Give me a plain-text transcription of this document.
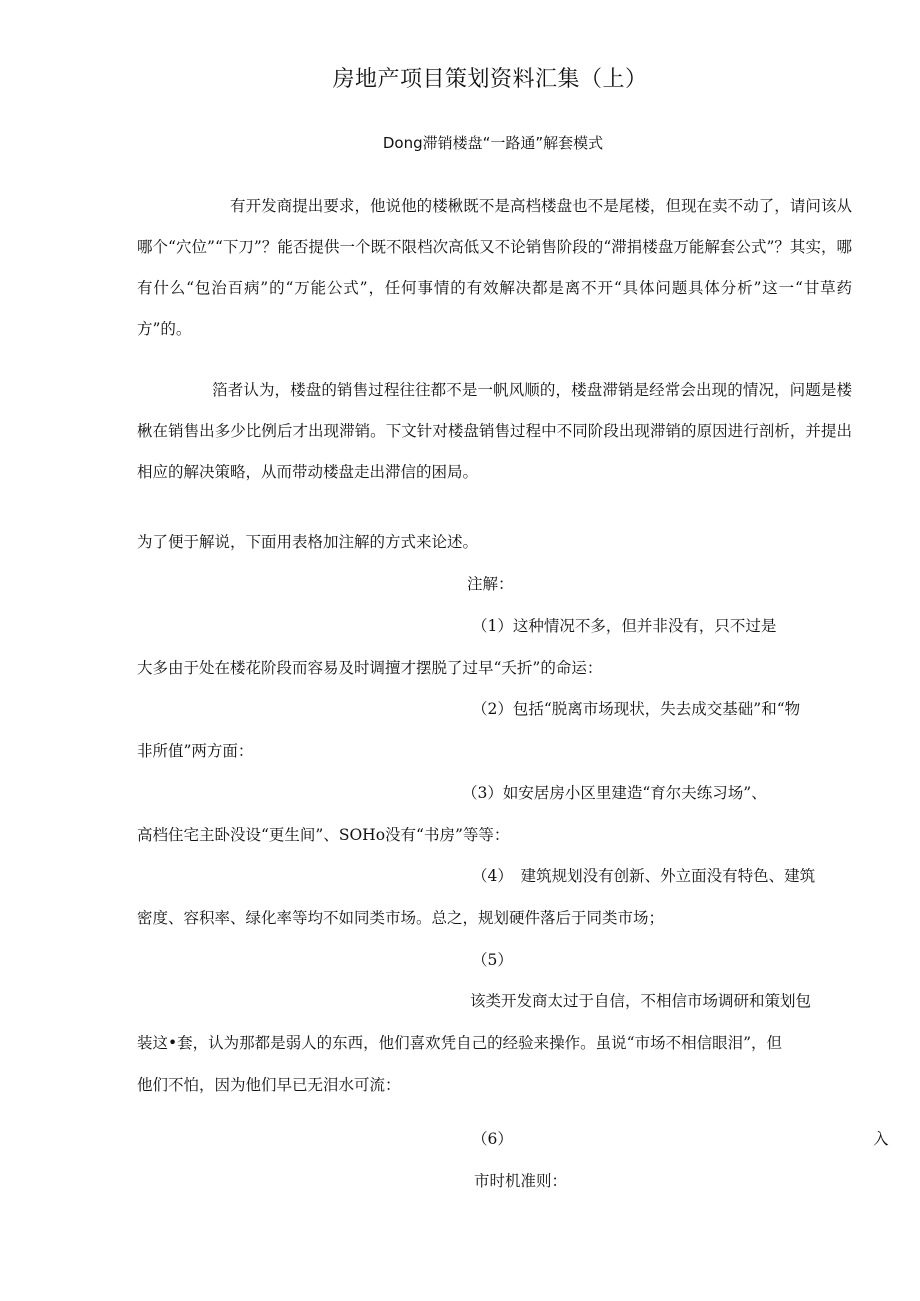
房地产项目策划资料汇集（上）
Dong滞销楼盘“一路通”解套模式
有开发商提出要求，他说他的楼楸既不是高档楼盘也不是尾楼，但现在卖不动了，请问该从哪个“穴位”“下刀”？能否提供一个既不限档次高低又不论销售阶段的“滞捐楼盘万能解套公式”？其实，哪有什么“包治百病”的“万能公式”，任何事情的有效解决都是离不开“具体问题具体分析”这一“甘草药方”的。
箔者认为，楼盘的销售过程往往都不是一帆风顺的，楼盘滞销是经常会出现的情况，问题是楼楸在销售出多少比例后才出现滞销。下文针对楼盘销售过程中不同阶段出现滞销的原因进行剖析，并提出相应的解决策略，从而带动楼盘走出滞信的困局。
为了便于解说，下面用表格加注解的方式来论述。
注解：
（1）这种情况不多，但并非没有，只不过是
大多由于处在楼花阶段而容易及时调擅才摆脱了过早“夭折”的命运：
（2）包括“脱离市场现状，失去成交基础”和“物
非所值”两方面：
（3）如安居房小区里建造“育尔夫练习场”、
高档住宅主卧没设“更生间”、SOHo没有“书房”等等：
（4）　建筑规划没有创新、外立面没有特色、建筑
密度、容积率、绿化率等均不如同类市场。总之，规划硬件落后于同类市场；
（5）
该类开发商太过于自信，不相信市场调研和策划包
装这•套，认为那都是弱人的东西，他们喜欢凭自己的经验来操作。虽说“市场不相信眼泪”，但
他们不怕，因为他们早已无泪水可流：
（6）	入
市时机准则：
